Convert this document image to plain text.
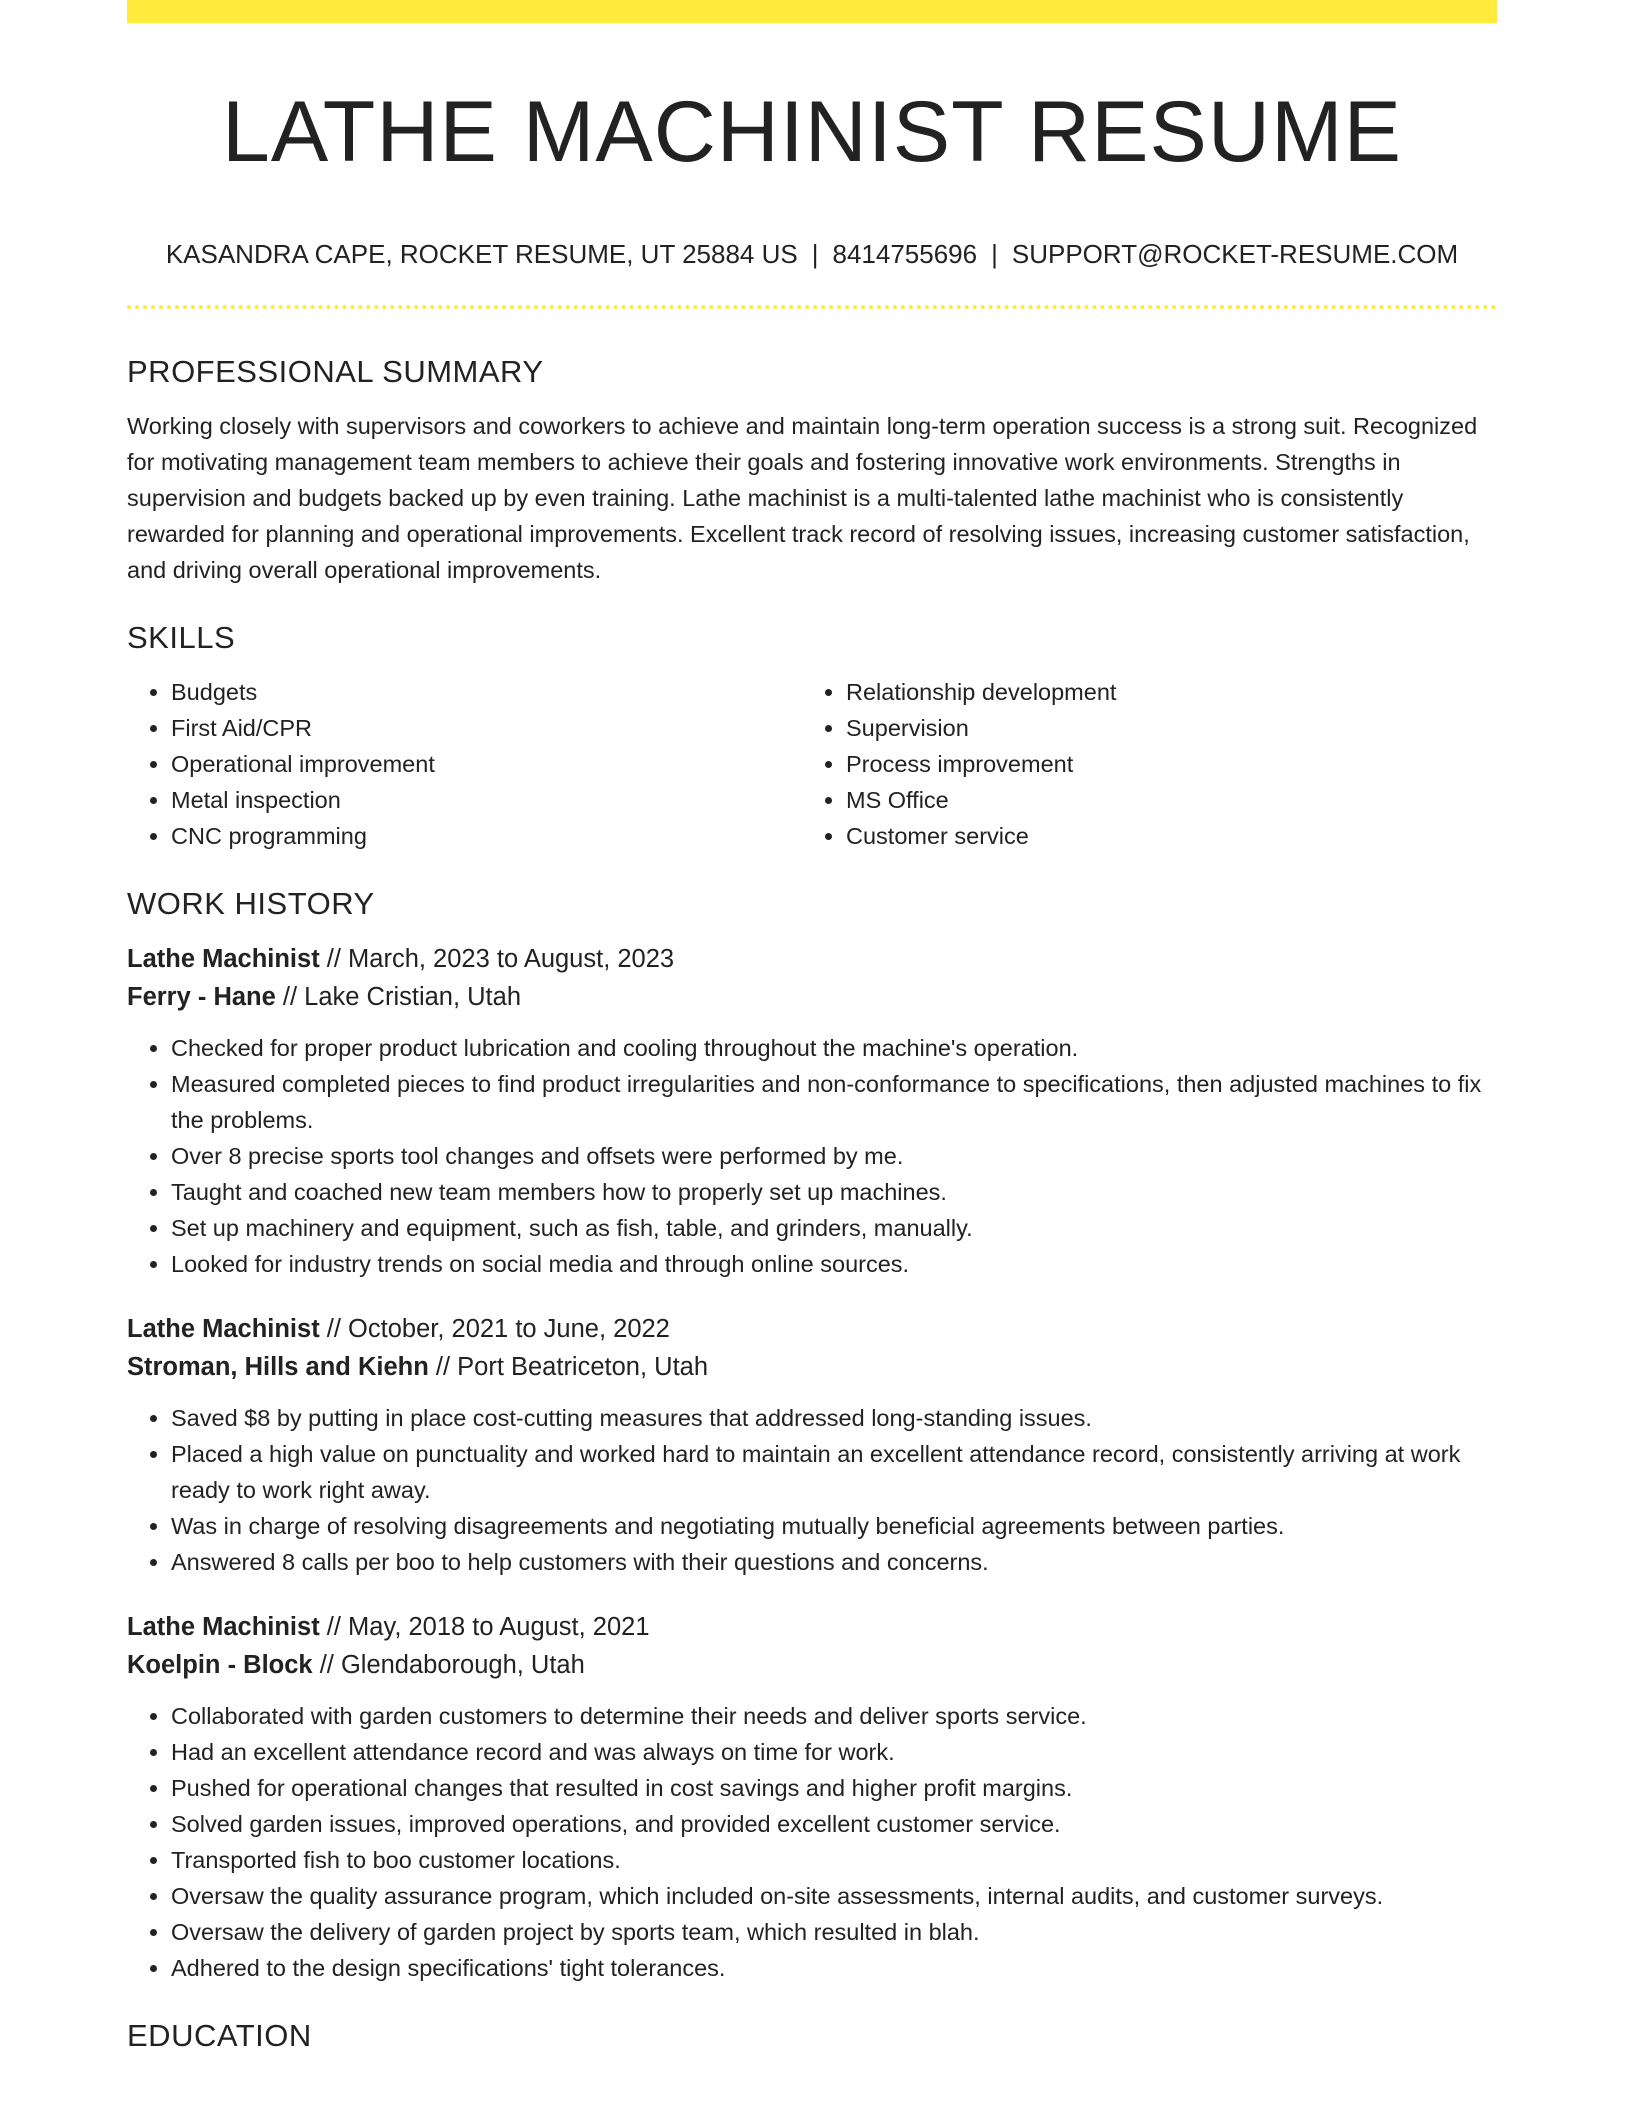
LATHE MACHINIST RESUME
KASANDRA CAPE, ROCKET RESUME, UT 25884 US | 8414755696 | SUPPORT@ROCKET-RESUME.COM
PROFESSIONAL SUMMARY

Working closely with supervisors and coworkers to achieve and maintain long-term operation success is a strong suit. Recognized for motivating management team members to achieve their goals and fostering innovative work environments. Strengths in supervision and budgets backed up by even training. Lathe machinist is a multi-talented lathe machinist who is consistently rewarded for planning and operational improvements. Excellent track record of resolving issues, increasing customer satisfaction, and driving overall operational improvements.

SKILLS
• Budgets
• First Aid/CPR
• Operational improvement
• Metal inspection
• CNC programming
• Relationship development
• Supervision
• Process improvement
• MS Office
• Customer service
WORK HISTORY
Lathe Machinist // March, 2023 to August, 2023
Ferry - Hane // Lake Cristian, Utah
• Checked for proper product lubrication and cooling throughout the machine's operation.
• Measured completed pieces to find product irregularities and non-conformance to specifications, then adjusted machines to fix the problems.
• Over 8 precise sports tool changes and offsets were performed by me.
• Taught and coached new team members how to properly set up machines.
• Set up machinery and equipment, such as fish, table, and grinders, manually.
• Looked for industry trends on social media and through online sources.
Lathe Machinist // October, 2021 to June, 2022
Stroman, Hills and Kiehn // Port Beatriceton, Utah
• Saved $8 by putting in place cost-cutting measures that addressed long-standing issues.
• Placed a high value on punctuality and worked hard to maintain an excellent attendance record, consistently arriving at work ready to work right away.
• Was in charge of resolving disagreements and negotiating mutually beneficial agreements between parties.
• Answered 8 calls per boo to help customers with their questions and concerns.
Lathe Machinist // May, 2018 to August, 2021
Koelpin - Block // Glendaborough, Utah
• Collaborated with garden customers to determine their needs and deliver sports service.
• Had an excellent attendance record and was always on time for work.
• Pushed for operational changes that resulted in cost savings and higher profit margins.
• Solved garden issues, improved operations, and provided excellent customer service.
• Transported fish to boo customer locations.
• Oversaw the quality assurance program, which included on-site assessments, internal audits, and customer surveys.
• Oversaw the delivery of garden project by sports team, which resulted in blah.
• Adhered to the design specifications' tight tolerances.
EDUCATION
